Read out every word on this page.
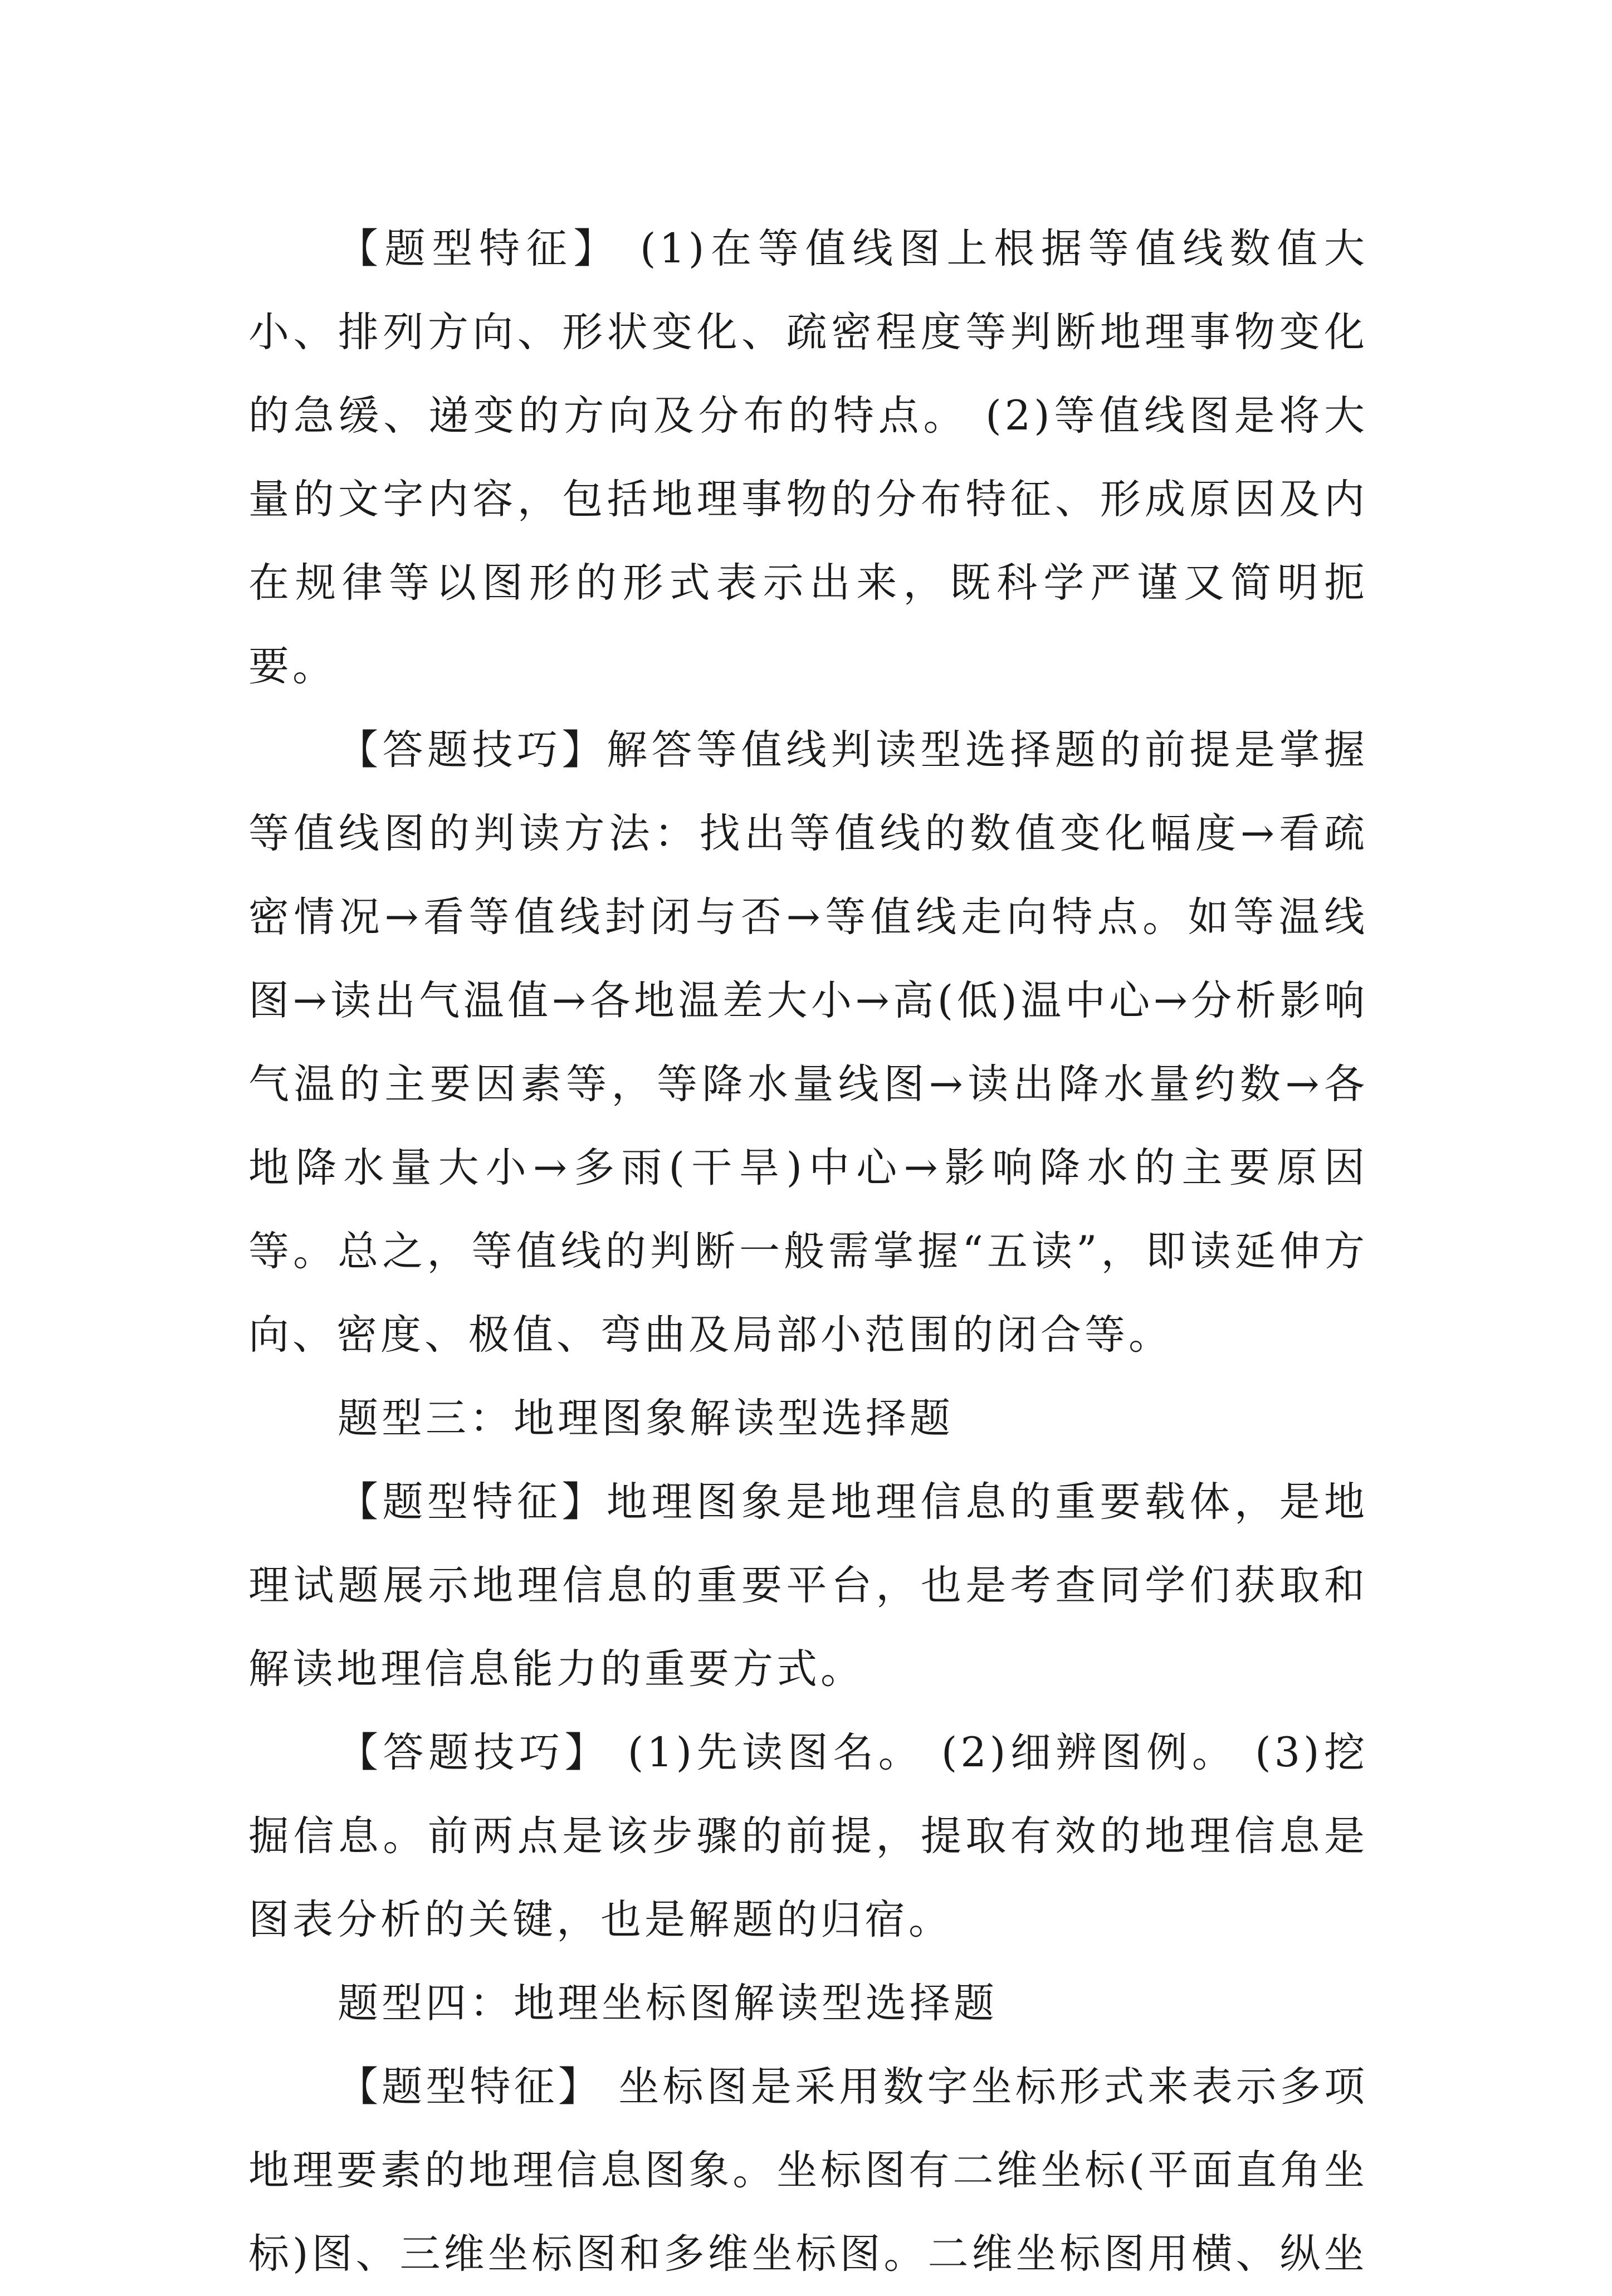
【题型特征】 (1)在等值线图上根据等值线数值大小、排列方向、形状变化、疏密程度等判断地理事物变化的急缓、递变的方向及分布的特点。 (2)等值线图是将大量的文字内容，包括地理事物的分布特征、形成原因及内在规律等以图形的形式表示出来，既科学严谨又简明扼要。

【答题技巧】解答等值线判读型选择题的前提是掌握等值线图的判读方法：找出等值线的数值变化幅度→看疏密情况→看等值线封闭与否→等值线走向特点。如等温线图→读出气温值→各地温差大小→高(低)温中心→分析影响气温的主要因素等，等降水量线图→读出降水量约数→各地降水量大小→多雨(干旱)中心→影响降水的主要原因等。总之，等值线的判断一般需掌握“五读”，即读延伸方向、密度、极值、弯曲及局部小范围的闭合等。

题型三：地理图象解读型选择题

【题型特征】地理图象是地理信息的重要载体，是地理试题展示地理信息的重要平台，也是考查同学们获取和解读地理信息能力的重要方式。

【答题技巧】 (1)先读图名。 (2)细辨图例。 (3)挖掘信息。前两点是该步骤的前提，提取有效的地理信息是图表分析的关键，也是解题的归宿。

题型四：地理坐标图解读型选择题

【题型特征】 坐标图是采用数字坐标形式来表示多项地理要素的地理信息图象。坐标图有二维坐标(平面直角坐标)图、三维坐标图和多维坐标图。二维坐标图用横、纵坐
